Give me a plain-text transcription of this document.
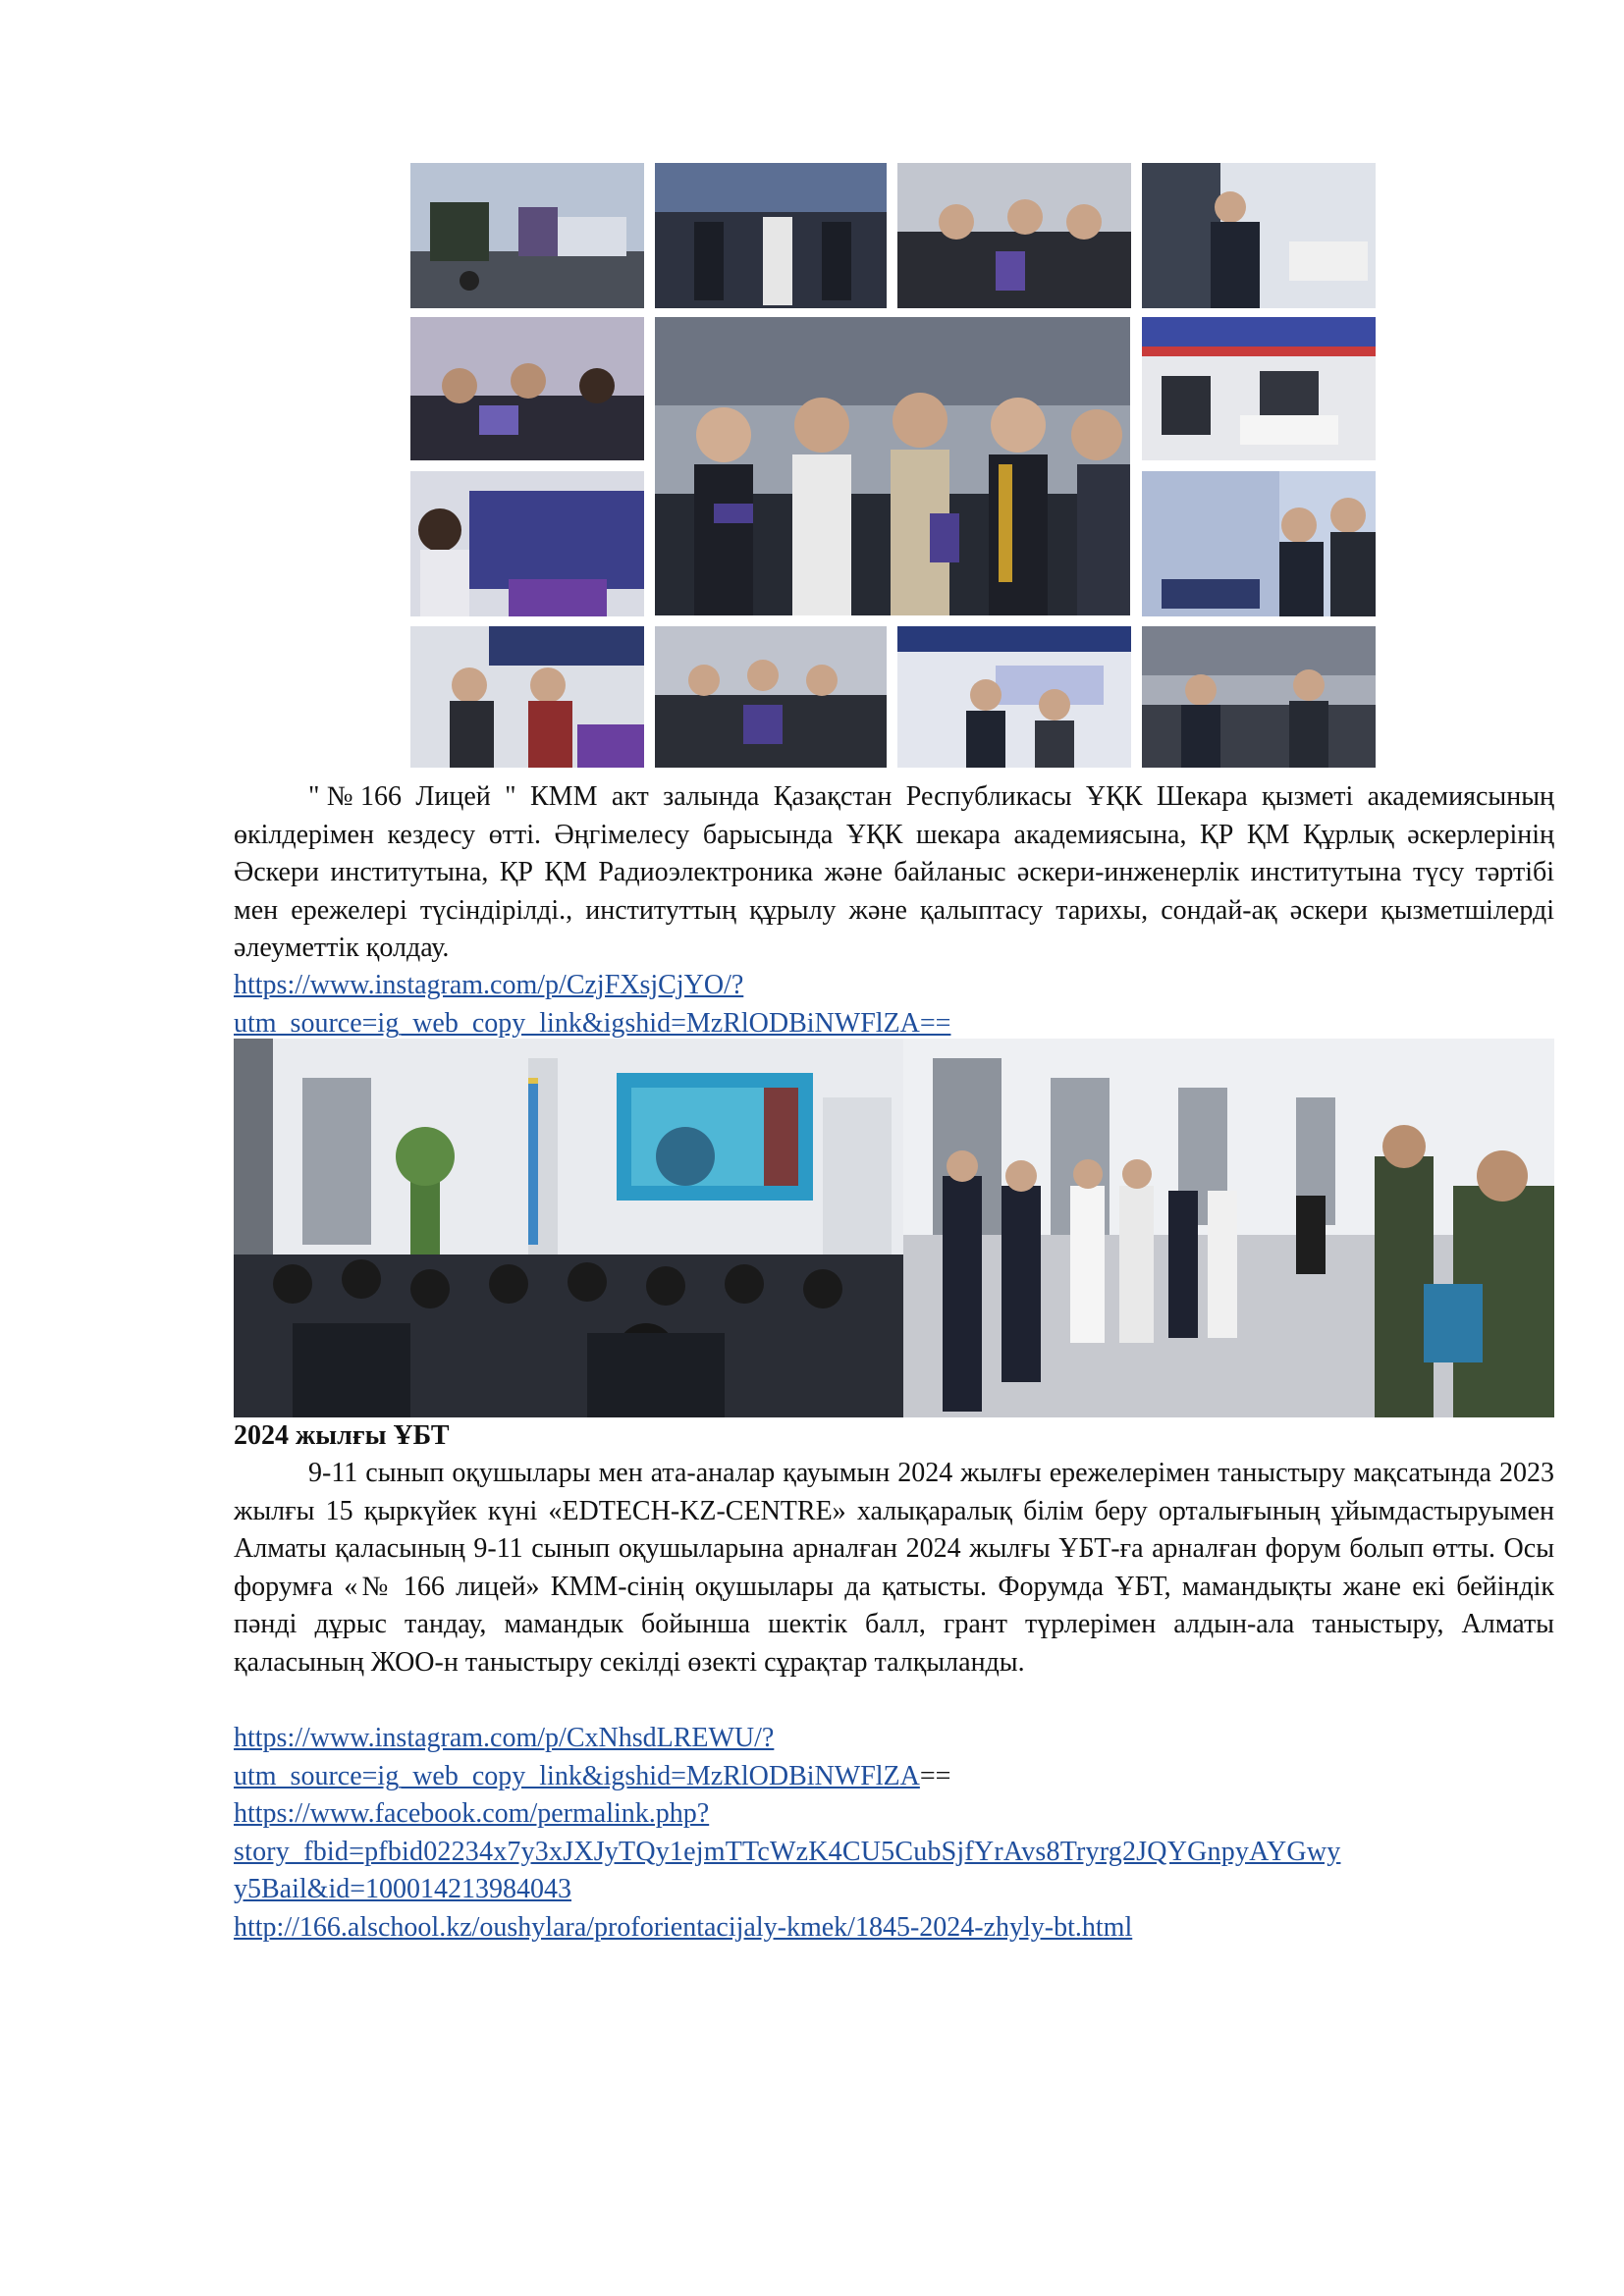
"№166 Лицей " КММ акт залында Қазақстан Республикасы ҰҚК Шекара қызметі академиясының өкілдерімен кездесу өтті. Әңгімелесу барысында ҰҚК шекара академиясына, ҚР ҚМ Құрлық әскерлерінің Әскери институтына, ҚР ҚМ Радиоэлектроника және байланыс әскери-инженерлік институтына түсу тәртібі мен ережелері түсіндірілді., институттың құрылу және қалыптасу тарихы, сондай-ақ әскери қызметшілерді әлеуметтік қолдау.

https://www.instagram.com/p/CzjFXsjCjYO/?
utm_source=ig_web_copy_link&igshid=MzRlODBiNWFlZA==
2024 жылғы ҰБТ

9-11 сынып оқушылары мен ата-аналар қауымын 2024 жылғы ережелерімен таныстыру мақсатында 2023 жылғы 15 қыркүйек күні «EDTECH-KZ-CENTRE» халықаралық білім беру орталығының ұйымдастыруымен Алматы қаласының 9-11 сынып оқушыларына арналған 2024 жылғы ҰБТ-ға арналған форум болып өтты. Осы форумға «№ 166 лицей» КММ-сінің оқушылары да қатысты. Форумда ҰБТ, мамандықты жане екі бейіндік пәнді дұрыс тандау, мамандык бойынша шектік балл, грант түрлерімен алдын-ала таныстыру, Алматы қаласының ЖОО-н таныстыру секілді өзекті сұрақтар талқыланды.

https://www.instagram.com/p/CxNhsdLREWU/?
utm_source=ig_web_copy_link&igshid=MzRlODBiNWFlZA==
https://www.facebook.com/permalink.php?
story_fbid=pfbid02234x7y3xJXJyTQy1ejmTTcWzK4CU5CubSjfYrAvs8Tryrg2JQYGnpyAYGwy
y5Bail&id=100014213984043
http://166.alschool.kz/oushylara/proforientacijaly-kmek/1845-2024-zhyly-bt.html
